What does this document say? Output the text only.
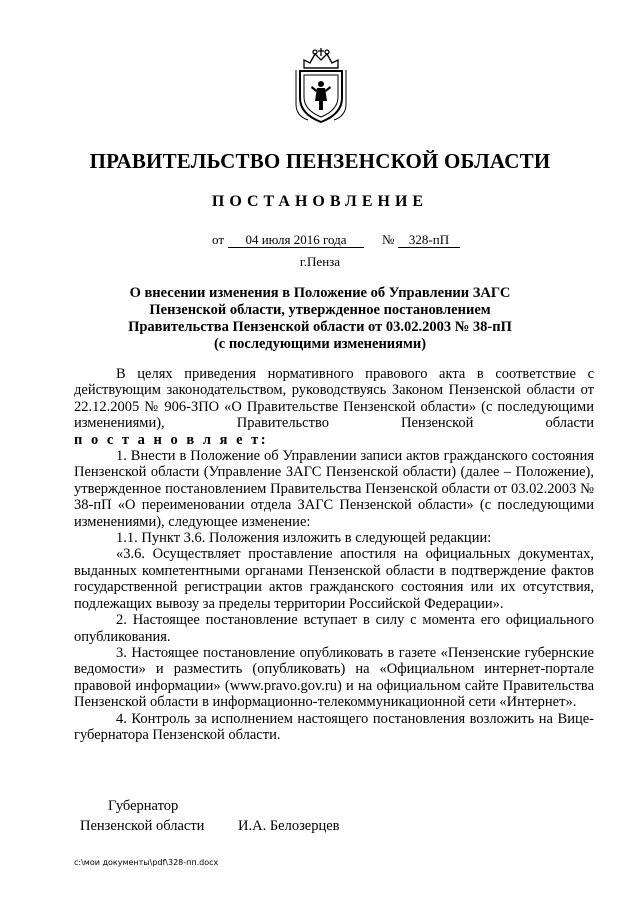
ПРАВИТЕЛЬСТВО ПЕНЗЕНСКОЙ ОБЛАСТИ
ПОСТАНОВЛЕНИЕ
от	04 июля 2016 года	№	328-пП
г.Пенза
О внесении изменения в Положение об Управлении ЗАГС
Пензенской области, утвержденное постановлением
Правительства Пензенской области от 03.02.2003 № 38-пП
(с последующими изменениями)

В целях приведения нормативного правового акта в соответствие с действующим законодательством, руководствуясь Законом Пензенской области от 22.12.2005 № 906-ЗПО «О Правительстве Пензенской области» (с последующими изменениями), Правительство Пензенской области

п о с т а н о в л я е т:

1. Внести в Положение об Управлении записи актов гражданского состояния Пензенской области (Управление ЗАГС Пензенской области) (далее – Положение), утвержденное постановлением Правительства Пензенской области от 03.02.2003 № 38-пП «О переименовании отдела ЗАГС Пензенской области» (с последующими изменениями), следующее изменение:

1.1. Пункт 3.6. Положения изложить в следующей редакции:

«3.6. Осуществляет проставление апостиля на официальных документах, выданных компетентными органами Пензенской области в подтверждение фактов государственной регистрации актов гражданского состояния или их отсутствия, подлежащих вывозу за пределы территории Российской Федерации».

2. Настоящее постановление вступает в силу с момента его официального опубликования.

3. Настоящее постановление опубликовать в газете «Пензенские губернские ведомости» и разместить (опубликовать) на «Официальном интернет-портале правовой информации» (www.pravo.gov.ru) и на официальном сайте Правительства Пензенской области в информационно-телекоммуникационной сети «Интернет».

4. Контроль за исполнением настоящего постановления возложить на Вице-губернатора Пензенской области.

Губернатор
Пензенской области И.А. Белозерцев
c:\мои документы\pdf\328-пп.docx
